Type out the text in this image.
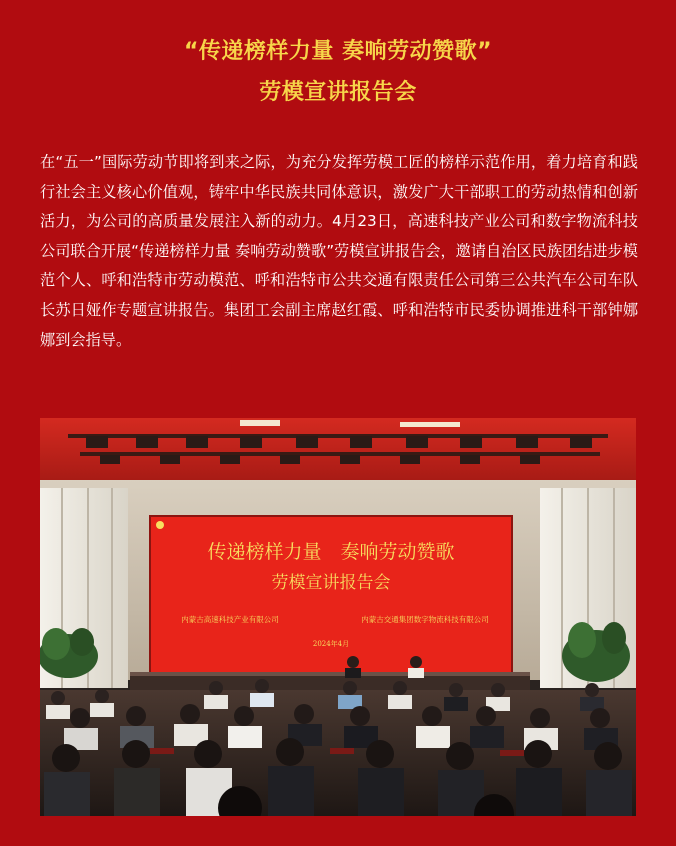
“传递榜样力量 奏响劳动赞歌”
劳模宣讲报告会
在“五一”国际劳动节即将到来之际，为充分发挥劳模工匠的榜样示范作用，着力培育和践行社会主义核心价值观，铸牢中华民族共同体意识，激发广大干部职工的劳动热情和创新活力，为公司的高质量发展注入新的动力。4月23日，高速科技产业公司和数字物流科技公司联合开展“传递榜样力量 奏响劳动赞歌”劳模宣讲报告会，邀请自治区民族团结进步模范个人、呼和浩特市劳动模范、呼和浩特市公共交通有限责任公司第三公共汽车公司车队长苏日娅作专题宣讲报告。集团工会副主席赵红霞、呼和浩特市民委协调推进科干部钟娜娜到会指导。
传递榜样力量　奏响劳动赞歌
劳模宣讲报告会
内蒙古高速科技产业有限公司	内蒙古交通集团数字物流科技有限公司
2024年4月
